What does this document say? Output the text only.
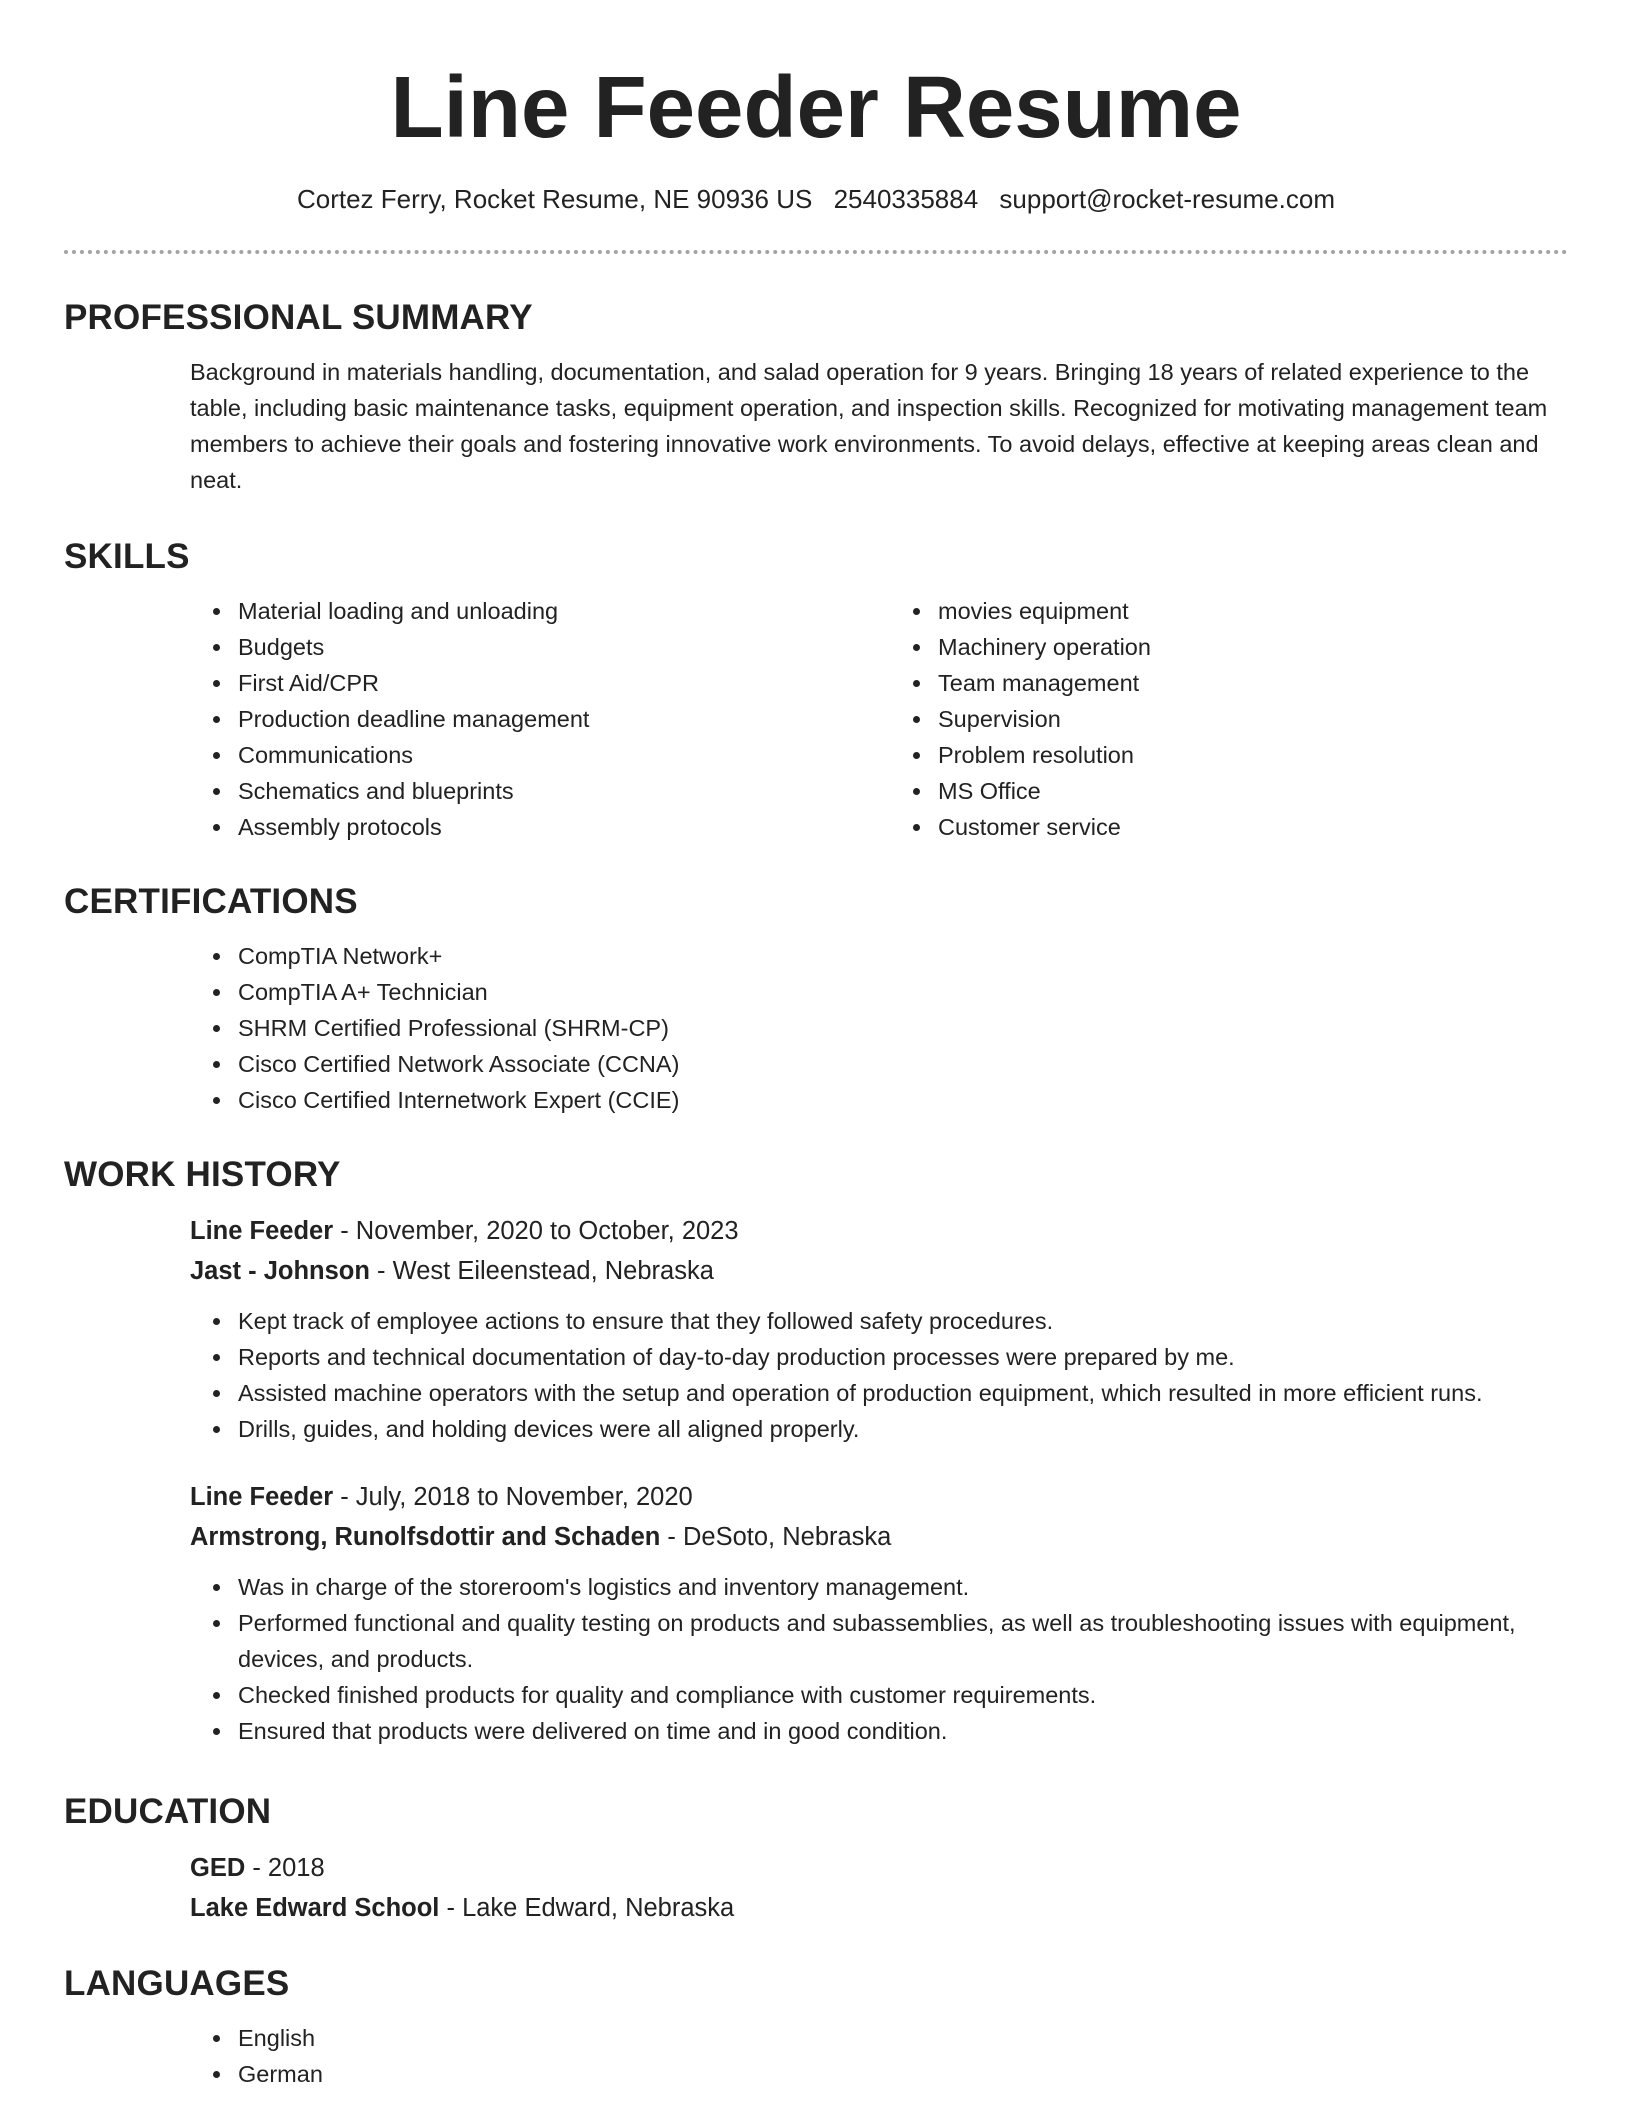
Line Feeder Resume
Cortez Ferry, Rocket Resume, NE 90936 US 2540335884 support@rocket-resume.com
PROFESSIONAL SUMMARY

Background in materials handling, documentation, and salad operation for 9 years. Bringing 18 years of related experience to the table, including basic maintenance tasks, equipment operation, and inspection skills. Recognized for motivating management team members to achieve their goals and fostering innovative work environments. To avoid delays, effective at keeping areas clean and neat.

SKILLS
• Material loading and unloading
• Budgets
• First Aid/CPR
• Production deadline management
• Communications
• Schematics and blueprints
• Assembly protocols
• movies equipment
• Machinery operation
• Team management
• Supervision
• Problem resolution
• MS Office
• Customer service
CERTIFICATIONS
• CompTIA Network+
• CompTIA A+ Technician
• SHRM Certified Professional (SHRM-CP)
• Cisco Certified Network Associate (CCNA)
• Cisco Certified Internetwork Expert (CCIE)
WORK HISTORY
Line Feeder - November, 2020 to October, 2023
Jast - Johnson - West Eileenstead, Nebraska
• Kept track of employee actions to ensure that they followed safety procedures.
• Reports and technical documentation of day-to-day production processes were prepared by me.
• Assisted machine operators with the setup and operation of production equipment, which resulted in more efficient runs.
• Drills, guides, and holding devices were all aligned properly.
Line Feeder - July, 2018 to November, 2020
Armstrong, Runolfsdottir and Schaden - DeSoto, Nebraska
• Was in charge of the storeroom's logistics and inventory management.
• Performed functional and quality testing on products and subassemblies, as well as troubleshooting issues with equipment, devices, and products.
• Checked finished products for quality and compliance with customer requirements.
• Ensured that products were delivered on time and in good condition.
EDUCATION
GED - 2018
Lake Edward School - Lake Edward, Nebraska
LANGUAGES
• English
• German
